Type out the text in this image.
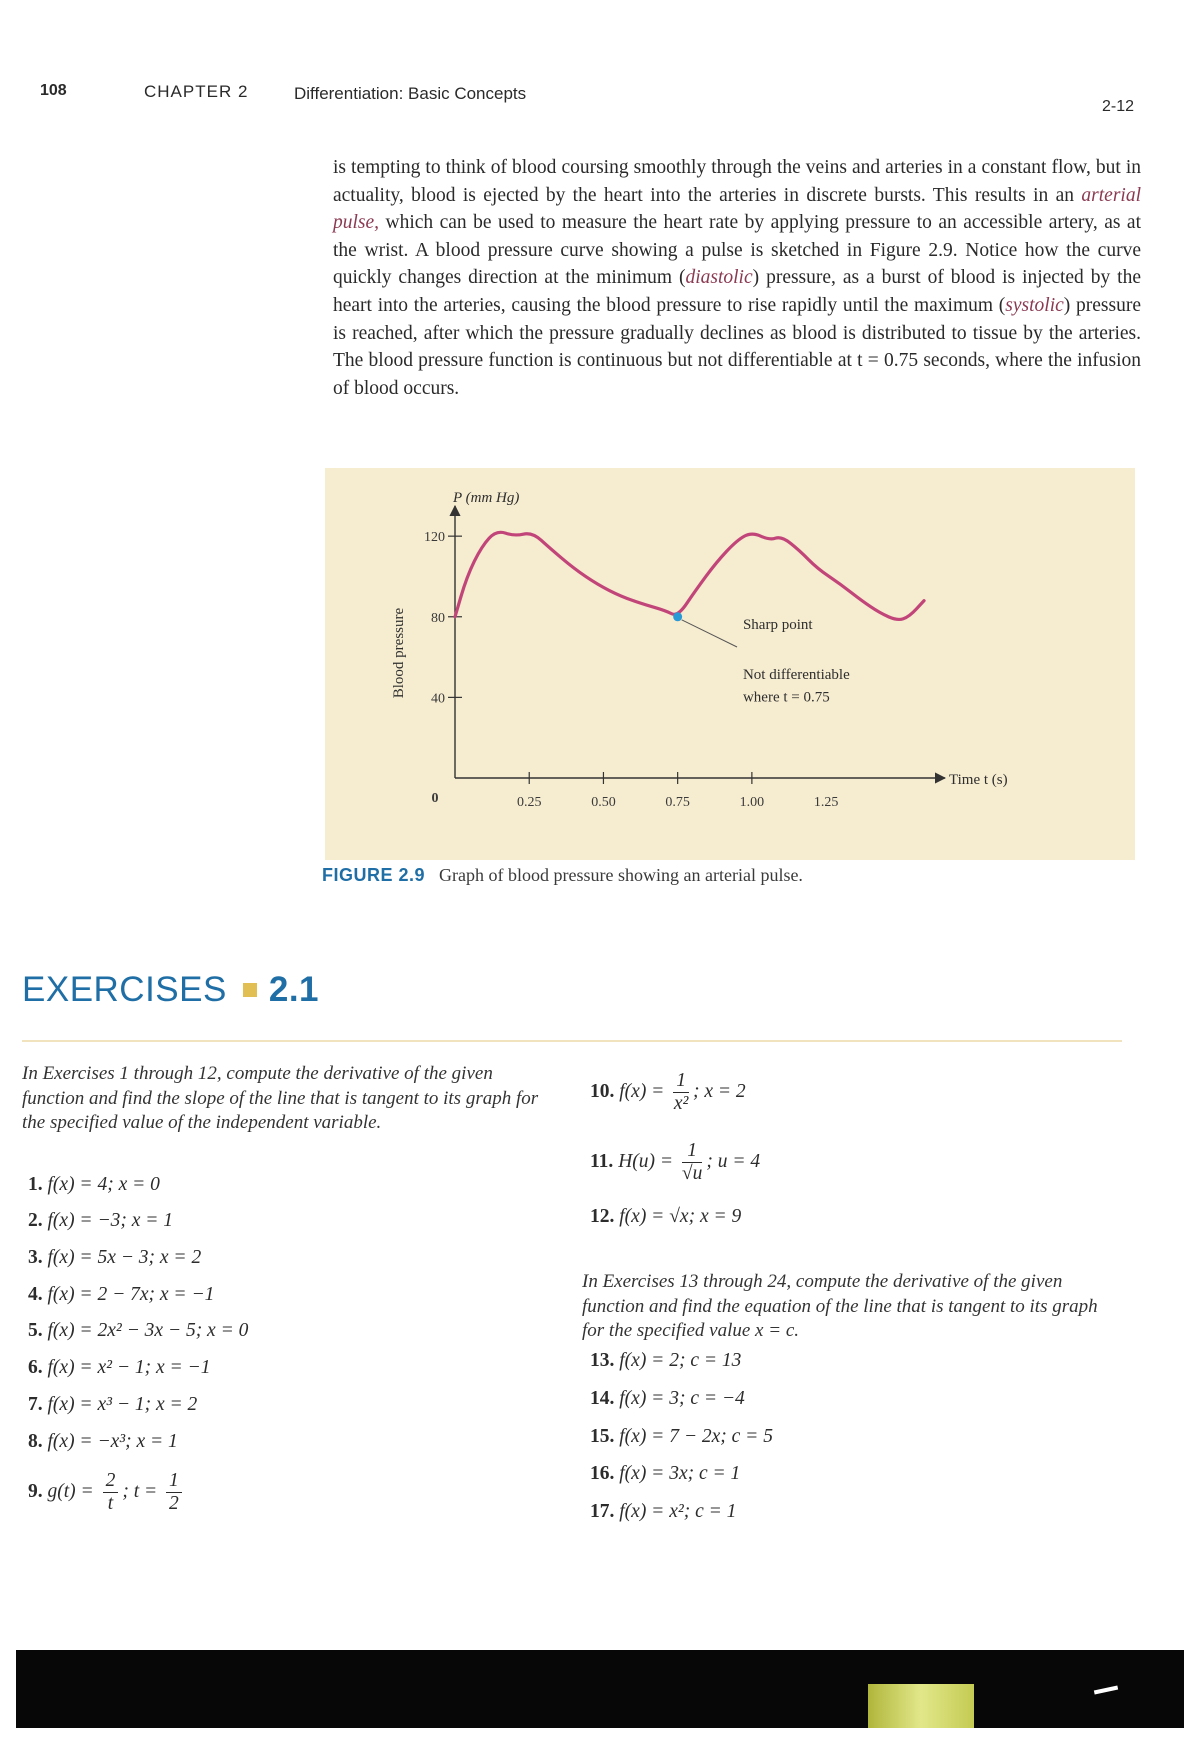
108	CHAPTER 2	Differentiation: Basic Concepts
2-12
is tempting to think of blood coursing smoothly through the veins and arteries in a constant flow, but in actuality, blood is ejected by the heart into the arteries in discrete bursts. This results in an arterial pulse, which can be used to measure the heart rate by applying pressure to an accessible artery, as at the wrist. A blood pressure curve showing a pulse is sketched in Figure 2.9. Notice how the curve quickly changes direction at the minimum (diastolic) pressure, as a burst of blood is injected by the heart into the arteries, causing the blood pressure to rise rapidly until the maximum (systolic) pressure is reached, after which the pressure gradually declines as blood is distributed to tissue by the arteries. The blood pressure function is continuous but not differentiable at t = 0.75 seconds, where the infusion of blood occurs.
40
80
120
0.25	0.50	0.75	1.00	1.25
0
P (mm Hg)
Blood pressure
Time t (s)
Sharp point
Not differentiable
where t = 0.75
FIGURE 2.9 Graph of blood pressure showing an arterial pulse.
EXERCISES 2.1
In Exercises 1 through 12, compute the derivative of the given function and find the slope of the line that is tangent to its graph for the specified value of the independent variable.
In Exercises 13 through 24, compute the derivative of the given function and find the equation of the line that is tangent to its graph for the specified value x = c.
1. f(x) = 4; x = 0
2. f(x) = −3; x = 1
3. f(x) = 5x − 3; x = 2
4. f(x) = 2 − 7x; x = −1
5. f(x) = 2x² − 3x − 5; x = 0
6. f(x) = x² − 1; x = −1
7. f(x) = x³ − 1; x = 2
8. f(x) = −x³; x = 1
9. $g(t) = \frac{2}{t}$ ; $t = \frac{1}{2}$
10. $f(x) = \frac{1}{\text{x²}}$ ; x = 2
11. $H(u) = \frac{1}{√u}$ ; u = 4
12. f(x) = √x; x = 9
13. f(x) = 2; c = 13
14. f(x) = 3; c = −4
15. f(x) = 7 − 2x; c = 5
16. f(x) = 3x; c = 1
17. f(x) = x²; c = 1
